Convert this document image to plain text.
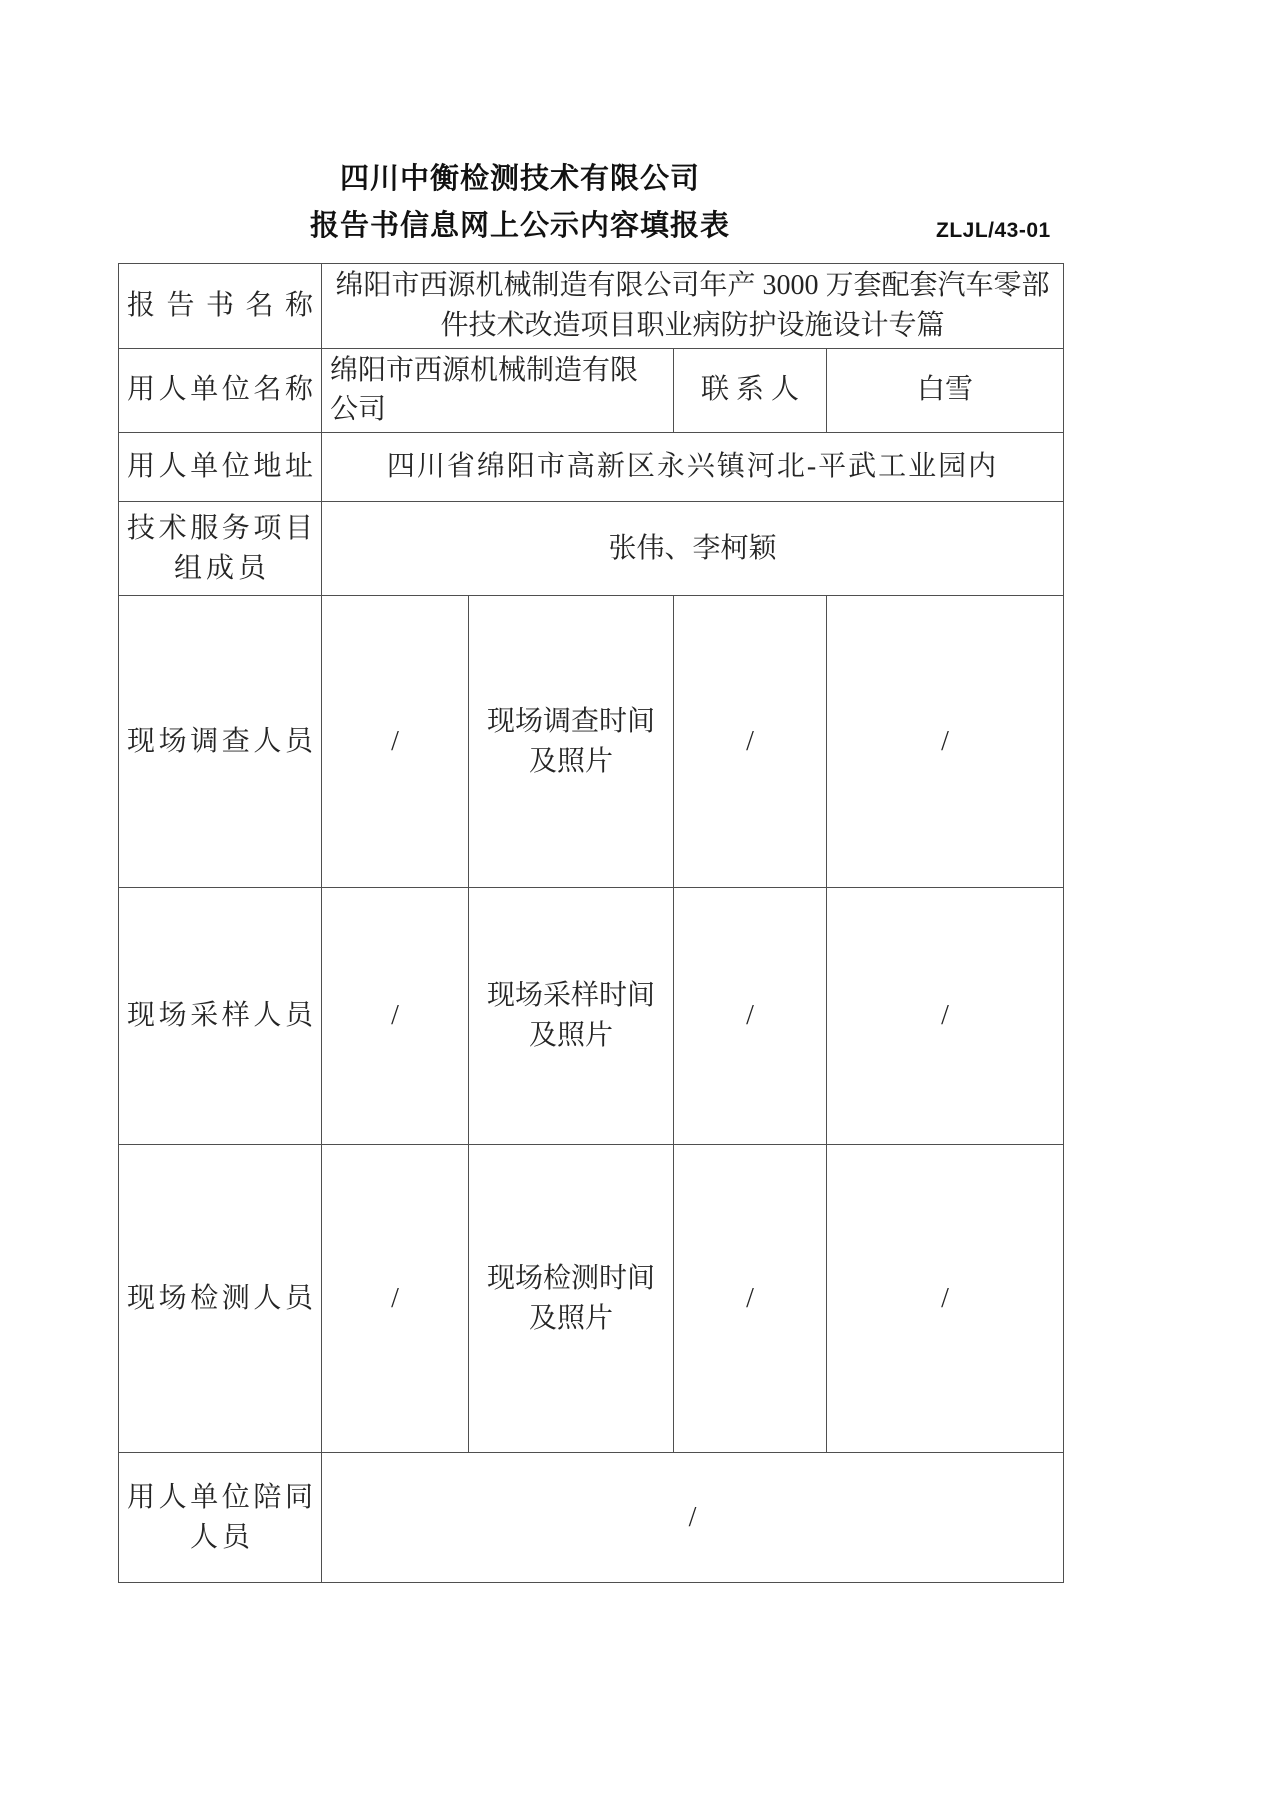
四川中衡检测技术有限公司
报告书信息网上公示内容填报表	ZLJL/43-01
报告书名称	绵阳市西源机械制造有限公司年产 3000 万套配套汽车零部件技术改造项目职业病防护设施设计专篇			

用人单位名称	绵阳市西源机械制造有限公司		联系人	白雪

用人单位地址	四川省绵阳市高新区永兴镇河北-平武工业园内			

技术服务项目
组成员	张伟、李柯颖			

现场调查人员	/	现场调查时间及照片	/	/

现场采样人员	/	现场采样时间及照片	/	/

现场检测人员	/	现场检测时间及照片	/	/

用人单位陪同
人员	/			
